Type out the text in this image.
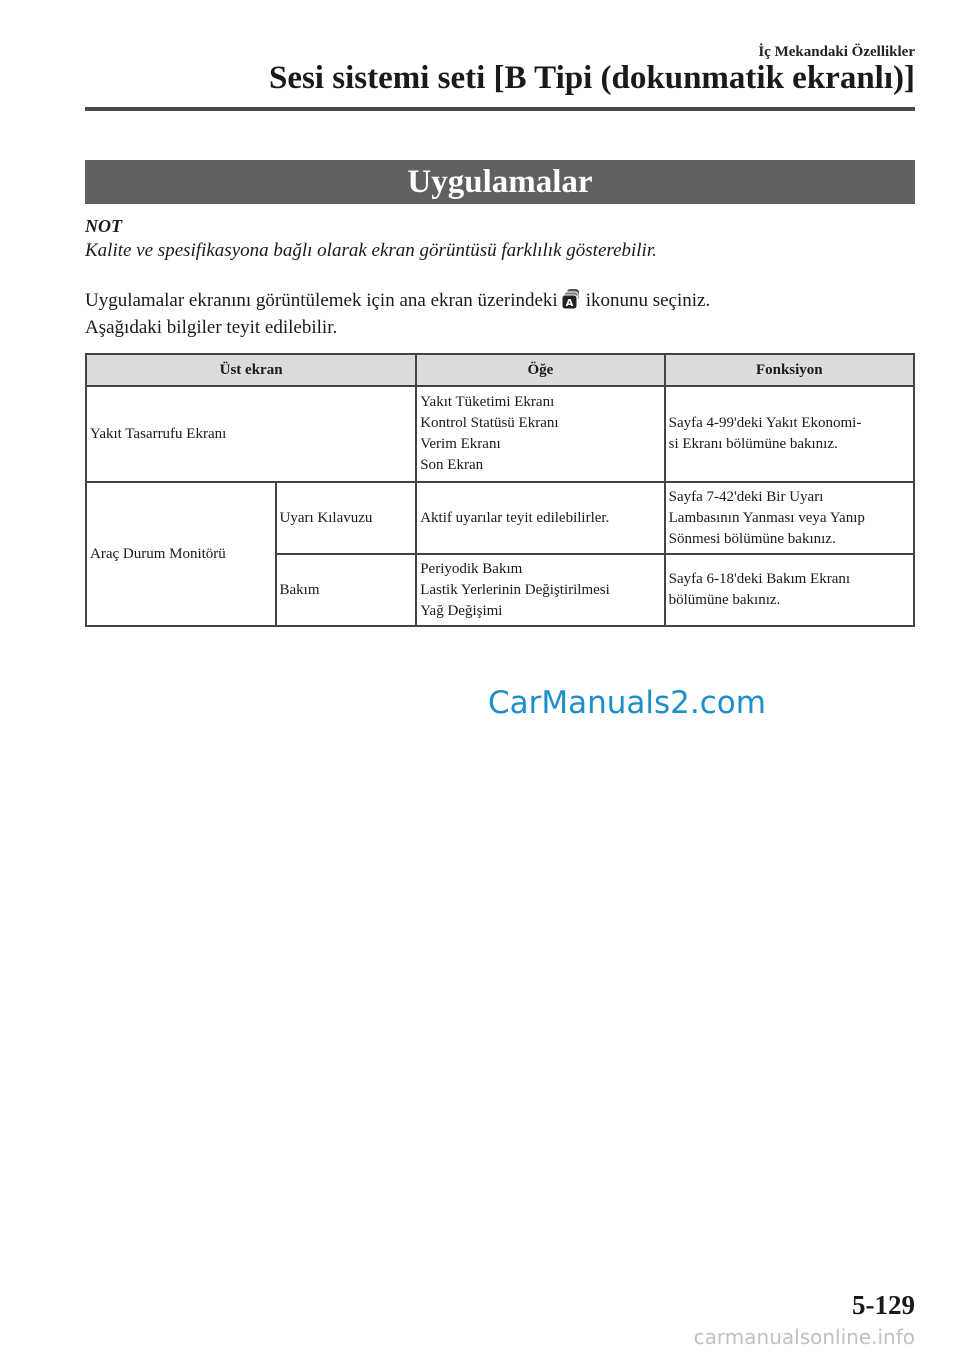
İç Mekandaki Özellikler
Sesi sistemi seti [B Tipi (dokunmatik ekranlı)]
Uygulamalar
NOT
Kalite ve spesifikasyona bağlı olarak ekran görüntüsü farklılık gösterebilir.
Uygulamalar ekranını görüntülemek için ana ekran üzerindeki A ikonunu seçiniz.
Aşağıdaki bilgiler teyit edilebilir.
Üst ekran		Öğe	Fonksiyon
Yakıt Tasarrufu Ekranı		Yakıt Tüketimi Ekranı
Kontrol Statüsü Ekranı
Verim Ekranı
Son Ekran	Sayfa 4-99'deki Yakıt Ekonomi-
si Ekranı bölümüne bakınız.

Araç Durum Monitörü	Uyarı Kılavuzu	Aktif uyarılar teyit edilebilirler.	Sayfa 7-42'deki Bir Uyarı
Lambasının Yanması veya Yanıp
Sönmesi bölümüne bakınız.

	Bakım	Periyodik Bakım
Lastik Yerlerinin Değiştirilmesi
Yağ Değişimi	Sayfa 6-18'deki Bakım Ekranı
bölümüne bakınız.
CarManuals2.com
5-129
carmanualsonline.info
